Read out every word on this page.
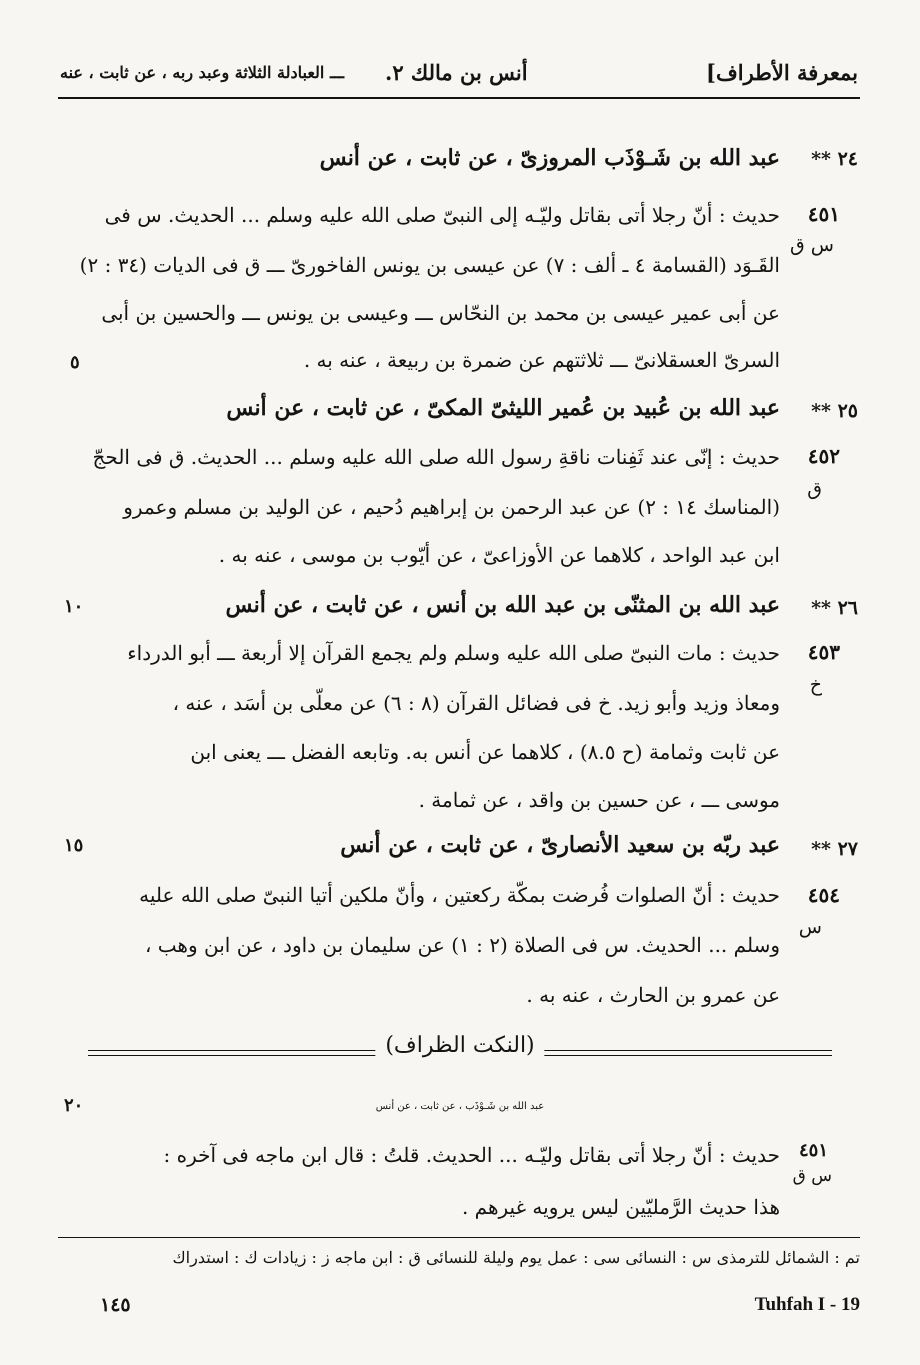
بمعرفة الأطراف]
أنس بن مالك ٢.
ـــ العبادلة الثلاثة وعبد ربه ، عن ثابت ، عنه
٢٤ **
عبد الله بن شَـوْذَب المروزىّ ، عن ثابت ، عن أنس
٤٥١
س ق
حديث : أنّ رجلا أتى بقاتل وليّـه إلى النبىّ صلى الله عليه وسلم ... الحديث. س فى
القَـوَد (القسامة ٤ ـ ألف : ٧) عن عيسى بن يونس الفاخورىّ ـــ ق فى الديات (٣٤ : ٢)
عن أبى عمير عيسى بن محمد بن النحّاس ـــ وعيسى بن يونس ـــ والحسين بن أبى
السرىّ العسقلانىّ ـــ ثلاثتهم عن ضمرة بن ربيعة ، عنه به .
٢٥ **
عبد الله بن عُبيد بن عُمير الليثىّ المكىّ ، عن ثابت ، عن أنس
٤٥٢
ق
حديث : إنّى عند ثَفِنات ناقةِ رسول الله صلى الله عليه وسلم ... الحديث. ق فى الحجّ
(المناسك ١٤ : ٢) عن عبد الرحمن بن إبراهيم دُحيم ، عن الوليد بن مسلم وعمرو
ابن عبد الواحد ، كلاهما عن الأوزاعىّ ، عن أيّوب بن موسى ، عنه به .
٢٦ **
عبد الله بن المثنّى بن عبد الله بن أنس ، عن ثابت ، عن أنس
٤٥٣
خ
حديث : مات النبىّ صلى الله عليه وسلم ولم يجمع القرآن إلا أربعة ـــ أبو الدرداء
ومعاذ وزيد وأبو زيد. خ فى فضائل القرآن (٨ : ٦) عن معلّى بن أسَد ، عنه ،
عن ثابت وثمامة (ح ٨.٥) ، كلاهما عن أنس به. وتابعه الفضل ـــ يعنى ابن
موسى ـــ ، عن حسين بن واقد ، عن ثمامة .
٢٧ **
عبد ربّه بن سعيد الأنصارىّ ، عن ثابت ، عن أنس
٤٥٤
س
حديث : أنّ الصلوات فُرضت بمكّة ركعتين ، وأنّ ملكين أتيا النبىّ صلى الله عليه
وسلم ... الحديث. س فى الصلاة (٢ : ١) عن سليمان بن داود ، عن ابن وهب ،
عن عمرو بن الحارث ، عنه به .
(النكت الظراف)
عبد الله بن شَـوْذَب ، عن ثابت ، عن أنس
٤٥١
س ق
حديث : أنّ رجلا أتى بقاتل وليّـه ... الحديث. قلتُ : قال ابن ماجه فى آخره :
هذا حديث الرَّمليّين ليس يرويه غيرهم .
٥
١٠
١٥
٢٠
تم : الشمائل للترمذى س : النسائى سى : عمل يوم وليلة للنسائى ق : ابن ماجه ز : زيادات ك : استدراك
١٤٥	Tuhfah I - 19
